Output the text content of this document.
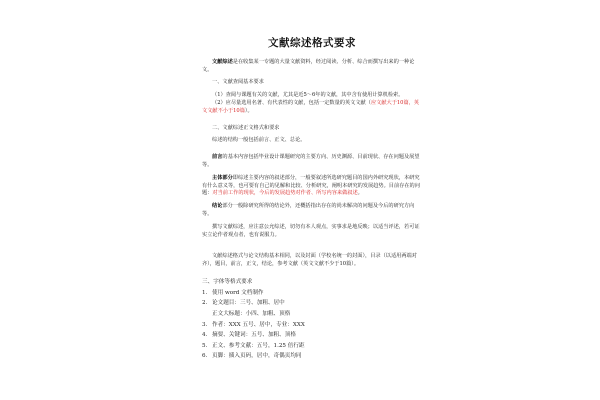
文献综述格式要求

文献综述是在收集某一专题的大量文献资料，经过阅读、分析、综合而撰写出来的一种论文。

一、文献查阅基本要求

（1）查阅与课题有关的文献，尤其是近5～6年的文献，其中含有使用计算机检索。

（2）应尽量选用名著、有代表性的文献，包括一定数量的英文文献（应文献大于10篇，英文文献不小于10篇）。

二、文献综述正文格式和要求

综述的结构一般包括前言、正文、总论。

前言的基本内容包括毕业设计课题研究的主要方向、历史渊源、目前现状、存在问题及展望等。

主体部分即综述主要内容的叙述部分，一般要叙述所选研究题目的国内外研究现状，本研究有什么意义等，也可要有自己的见解和比较、分析研究，阐明本研究的发展趋势。目前存在的问题：对当前工作的现状，今后的发展趋势对作者、所写内容来做叙述。

结论部分一般除研究所得的结论外，还概括指出存在的尚未解决的问题及今后的研究方向等。

撰写文献综述，应注意公允综述，切勿有本人观点，实事求是地反映；以适当评述，若可证实立论作者观点者，也有说服力。

文献综述格式与论文结构基本相同，以及封面（学校名统一的封面），目录（以适用两端对齐），题目，前言，正文，结论，参考文献（英文文献不少于10篇）。

三、字体等格式要求

1. 使用 word 文档制作
2. 论文题目：三号、加粗、居中
正文大标题：小四、加粗、顶格
3. 作者：XXX 五号、居中，专业：XXX
4. 摘要、关键词：五号、加粗、顶格
5. 正文、参考文献：五号，1.25 倍行距
6. 页脚：插入页码，居中，奇偶页均同
